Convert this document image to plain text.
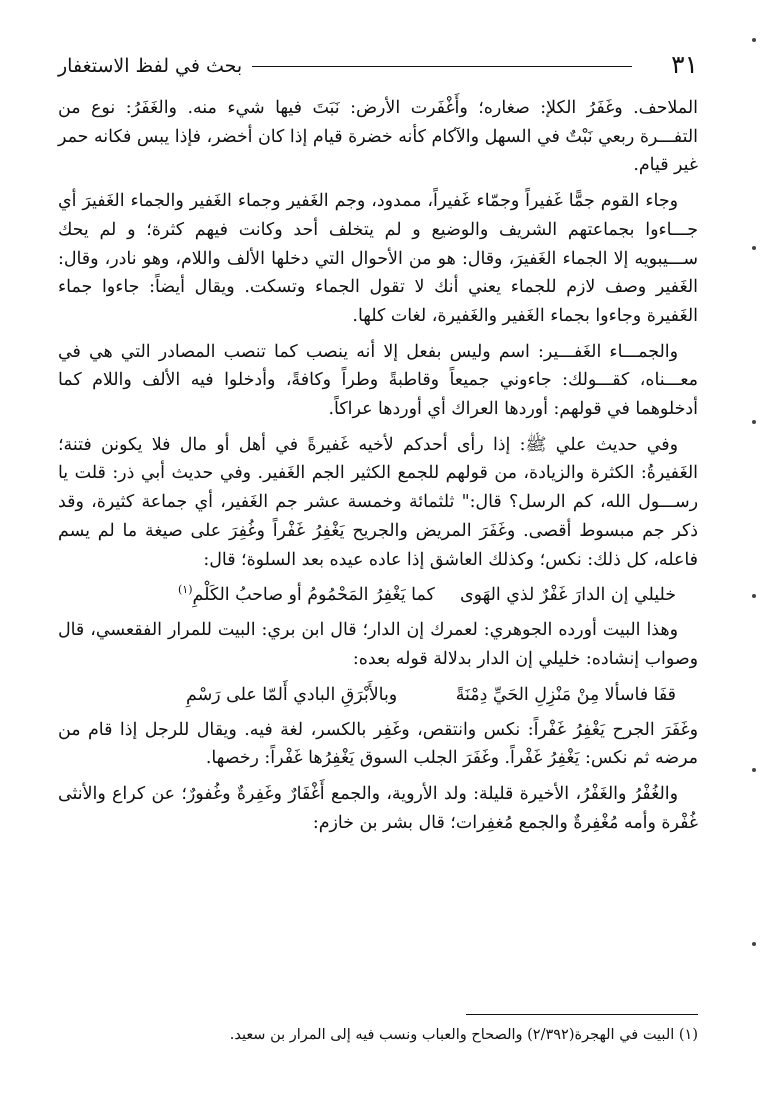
٣١
بحث في لفظ الاستغفار

الملاحف. وغَفَرُ الكلإ: صغاره؛ وأَغْفَرت الأرض: نَبَتَ فيها شيء منه. والغَفَرُ: نوع من التفـــرة ربعي نَبْتٌ في السهل والآكام كأنه خضرة قيام إذا كان أخضر، فإذا يبس فكانه حمر غير قيام.

وجاء القوم جمًّا غَفيراً وجمّاء غَفيراً، ممدود، وجم الغَفير وجماء الغَفير والجماء الغَفيرَ أي جـــاءوا بجماعتهم الشريف والوضيع و لم يتخلف أحد وكانت فيهم كثرة؛ و لم يحك ســـيبويه إلا الجماء الغَفيرَ، وقال: هو من الأحوال التي دخلها الألف واللام، وهو نادر، وقال: الغَفير وصف لازم للجماء يعني أنك لا تقول الجماء وتسكت. ويقال أيضاً: جاءوا جماء الغَفيرة وجاءوا بجماء الغَفير والغَفيرة، لغات كلها.

والجمـــاء الغَفـــير: اسم وليس بفعل إلا أنه ينصب كما تنصب المصادر التي هي في معـــناه، كقـــولك: جاءوني جميعاً وقاطبةً وطراً وكافةً، وأدخلوا فيه الألف واللام كما أدخلوهما في قولهم: أوردها العراك أي أوردها عراكاً.

وفي حديث علي ﷺ: إذا رأى أحدكم لأخيه غَفيرةً في أهل أو مال فلا يكونن فتنة؛ الغَفيرةُ: الكثرة والزيادة، من قولهم للجمع الكثير الجم الغَفير. وفي حديث أبي ذر: قلت يا رســـول الله، كم الرسل؟ قال:" ثلثمائة وخمسة عشر جم الغَفير، أي جماعة كثيرة، وقد ذكر جم مبسوط أقصى. وغَفَرَ المريض والجريح يَغْفِرُ غَفْراً وغُفِرَ على صيغة ما لم يسم فاعله، كل ذلك: نكس؛ وكذلك العاشق إذا عاده عيده بعد السلوة؛ قال:

خليلي إن الدارَ غَفْرٌ لذي الهَوى
كما يَغْفِرُ المَحْمُومُ أو صاحبُ الكَلْمِ$^{(١)}$

وهذا البيت أورده الجوهري: لعمرك إن الدار؛ قال ابن بري: البيت للمرار الفقعسي، قال وصواب إنشاده: خليلي إن الدار بدلالة قوله بعده:

قفَا فاسألا مِنْ مَنْزِلِ الحَيِّ دِمْنَةً
وبالأَبْرَقِ البادي أَلمّا على رَسْمِ

وغَفَرَ الجرح يَغْفِرُ غَفْراً: نكس وانتقص، وغَفِر بالكسر، لغة فيه. ويقال للرجل إذا قام من مرضه ثم نكس: يَغْفِرُ غَفْراً. وغَفَرَ الجلب السوق يَغْفِرُها غَفْراً: رخصها.

والغُفْرُ والغَفْرُ، الأخيرة قليلة: ولد الأروية، والجمع أَغْفَارٌ وغَفِرةٌ وغُفورٌ؛ عن كراع والأنثى غُفْرة وأمه مُغْفِرةٌ والجمع مُغفِرات؛ قال بشر بن خازم:

(١) البيت في الهجرة(٢/٣٩٢) والصحاح والعباب ونسب فيه إلى المرار بن سعيد.
